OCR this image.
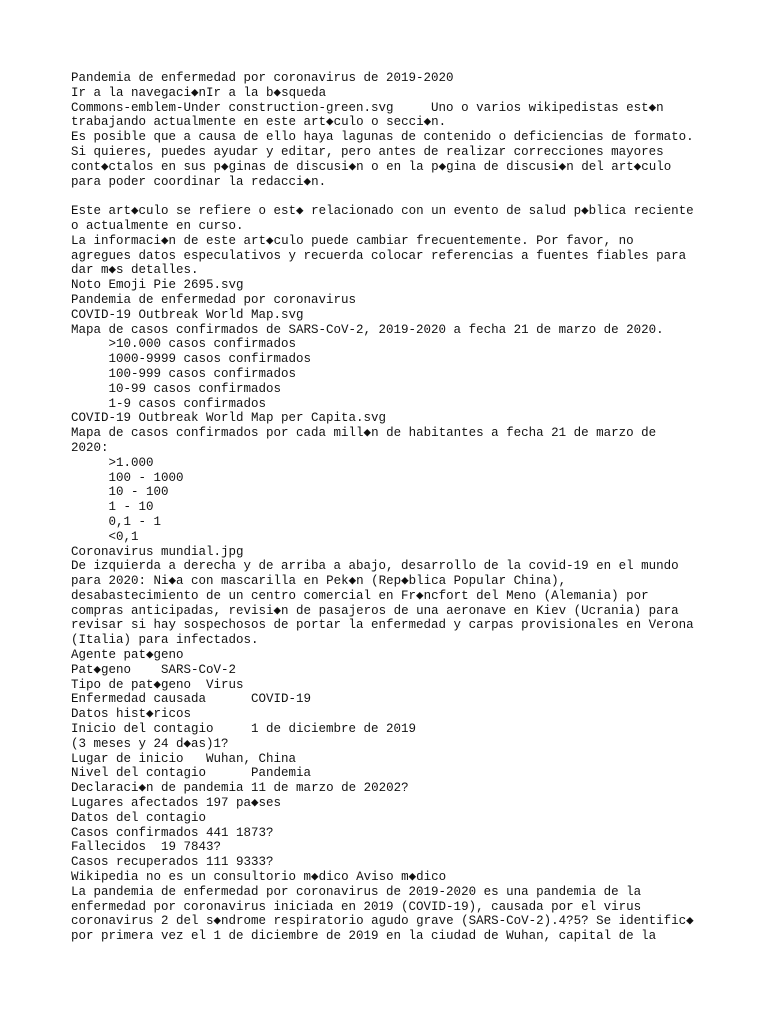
Pandemia de enfermedad por coronavirus de 2019-2020
Ir a la navegaci◆nIr a la b◆squeda
Commons-emblem-Under construction-green.svg     Uno o varios wikipedistas est◆n
trabajando actualmente en este art◆culo o secci◆n.
Es posible que a causa de ello haya lagunas de contenido o deficiencias de formato.
Si quieres, puedes ayudar y editar, pero antes de realizar correcciones mayores
cont◆ctalos en sus p◆ginas de discusi◆n o en la p◆gina de discusi◆n del art◆culo
para poder coordinar la redacci◆n.
Este art◆culo se refiere o est◆ relacionado con un evento de salud p◆blica reciente
o actualmente en curso.
La informaci◆n de este art◆culo puede cambiar frecuentemente. Por favor, no
agregues datos especulativos y recuerda colocar referencias a fuentes fiables para
dar m◆s detalles.
Noto Emoji Pie 2695.svg
Pandemia de enfermedad por coronavirus
COVID-19 Outbreak World Map.svg
Mapa de casos confirmados de SARS-CoV-2, 2019-2020 a fecha 21 de marzo de 2020.
>10.000 casos confirmados
1000-9999 casos confirmados
100-999 casos confirmados
10-99 casos confirmados
1-9 casos confirmados
COVID-19 Outbreak World Map per Capita.svg
Mapa de casos confirmados por cada mill◆n de habitantes a fecha 21 de marzo de
2020:
>1.000
100 - 1000
10 - 100
1 - 10
0,1 - 1
<0,1
Coronavirus mundial.jpg
De izquierda a derecha y de arriba a abajo, desarrollo de la covid-19 en el mundo
para 2020: Ni◆a con mascarilla en Pek◆n (Rep◆blica Popular China),
desabastecimiento de un centro comercial en Fr◆ncfort del Meno (Alemania) por
compras anticipadas, revisi◆n de pasajeros de una aeronave en Kiev (Ucrania) para
revisar si hay sospechosos de portar la enfermedad y carpas provisionales en Verona
(Italia) para infectados.
Agente pat◆geno
Pat◆geno    SARS-CoV-2
Tipo de pat◆geno  Virus
Enfermedad causada      COVID-19
Datos hist◆ricos
Inicio del contagio     1 de diciembre de 2019
(3 meses y 24 d◆as)1?
Lugar de inicio   Wuhan, China
Nivel del contagio      Pandemia
Declaraci◆n de pandemia 11 de marzo de 20202?
Lugares afectados 197 pa◆ses
Datos del contagio
Casos confirmados 441 1873?
Fallecidos  19 7843?
Casos recuperados 111 9333?
Wikipedia no es un consultorio m◆dico Aviso m◆dico
La pandemia de enfermedad por coronavirus de 2019-2020 es una pandemia de la
enfermedad por coronavirus iniciada en 2019 (COVID-19), causada por el virus
coronavirus 2 del s◆ndrome respiratorio agudo grave (SARS-CoV-2).4?5? Se identific◆
por primera vez el 1 de diciembre de 2019 en la ciudad de Wuhan, capital de la
